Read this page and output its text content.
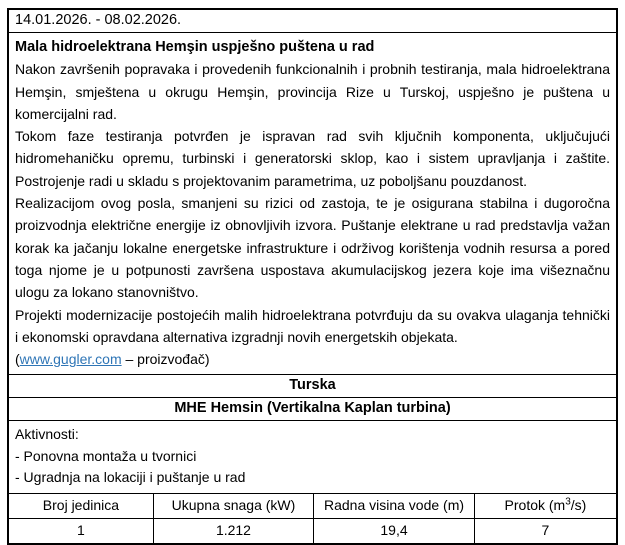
14.01.2026. - 08.02.2026.
Mala hidroelektrana Hemşin uspješno puštena u rad
Nakon završenih popravaka i provedenih funkcionalnih i probnih testiranja, mala hidroelektrana Hemşin, smještena u okrugu Hemşin, provincija Rize u Turskoj, uspješno je puštena u komercijalni rad.
Tokom faze testiranja potvrđen je ispravan rad svih ključnih komponenta, uključujući hidromehaničku opremu, turbinski i generatorski sklop, kao i sistem upravljanja i zaštite. Postrojenje radi u skladu s projektovanim parametrima, uz poboljšanu pouzdanost.
Realizacijom ovog posla, smanjeni su rizici od zastoja, te je osigurana stabilna i dugoročna proizvodnja električne energije iz obnovljivih izvora. Puštanje elektrane u rad predstavlja važan korak ka jačanju lokalne energetske infrastrukture i održivog korištenja vodnih resursa a pored toga njome je u potpunosti završena uspostava akumulacijskog jezera koje ima višeznačnu ulogu za lokano stanovništvo.
Projekti modernizacije postojećih malih hidroelektrana potvrđuju da su ovakva ulaganja tehnički i ekonomski opravdana alternativa izgradnji novih energetskih objekata.
(www.gugler.com – proizvođač)
Turska
MHE Hemsin (Vertikalna Kaplan turbina)
Aktivnosti:
- Ponovna montaža u tvornici
- Ugradnja na lokaciji i puštanje u rad
Broj jedinica	Ukupna snaga (kW)	Radna visina vode (m)	Protok $(m^3/s)$
1	1.212	19,4	7
